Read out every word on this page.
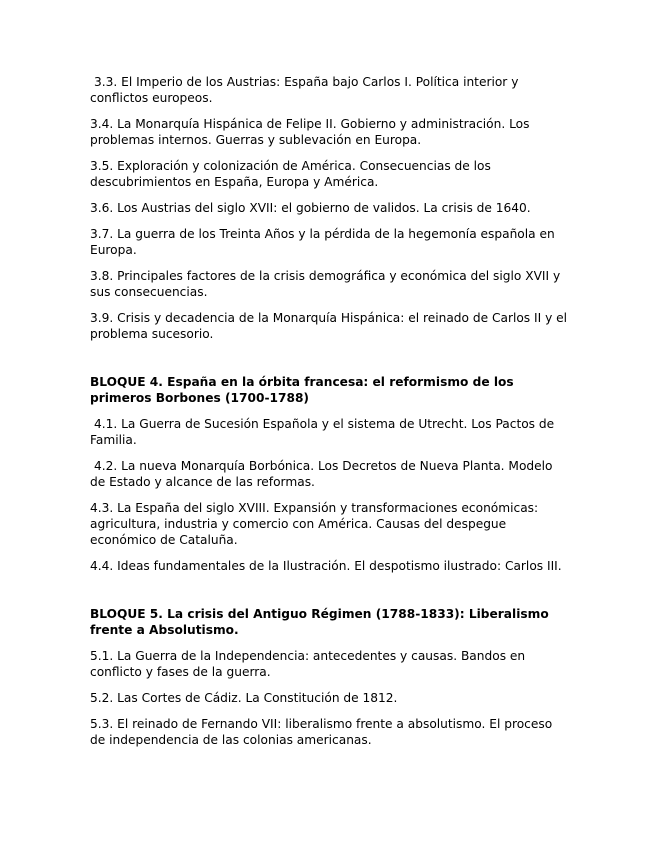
3.3. El Imperio de los Austrias: España bajo Carlos I. Política interior y conflictos europeos.

3.4. La Monarquía Hispánica de Felipe II. Gobierno y administración. Los problemas internos. Guerras y sublevación en Europa.

3.5. Exploración y colonización de América. Consecuencias de los descubrimientos en España, Europa y América.

3.6. Los Austrias del siglo XVII: el gobierno de validos. La crisis de 1640.

3.7. La guerra de los Treinta Años y la pérdida de la hegemonía española en Europa.

3.8. Principales factores de la crisis demográfica y económica del siglo XVII y sus consecuencias.

3.9. Crisis y decadencia de la Monarquía Hispánica: el reinado de Carlos II y el problema sucesorio.

BLOQUE 4. España en la órbita francesa: el reformismo de los primeros Borbones (1700-1788)

4.1. La Guerra de Sucesión Española y el sistema de Utrecht. Los Pactos de Familia.

4.2. La nueva Monarquía Borbónica. Los Decretos de Nueva Planta. Modelo de Estado y alcance de las reformas.

4.3. La España del siglo XVIII. Expansión y transformaciones económicas: agricultura, industria y comercio con América. Causas del despegue económico de Cataluña.

4.4. Ideas fundamentales de la Ilustración. El despotismo ilustrado: Carlos III.

BLOQUE 5. La crisis del Antiguo Régimen (1788-1833): Liberalismo frente a Absolutismo.

5.1. La Guerra de la Independencia: antecedentes y causas. Bandos en conflicto y fases de la guerra.

5.2. Las Cortes de Cádiz. La Constitución de 1812.

5.3. El reinado de Fernando VII: liberalismo frente a absolutismo. El proceso de independencia de las colonias americanas.
